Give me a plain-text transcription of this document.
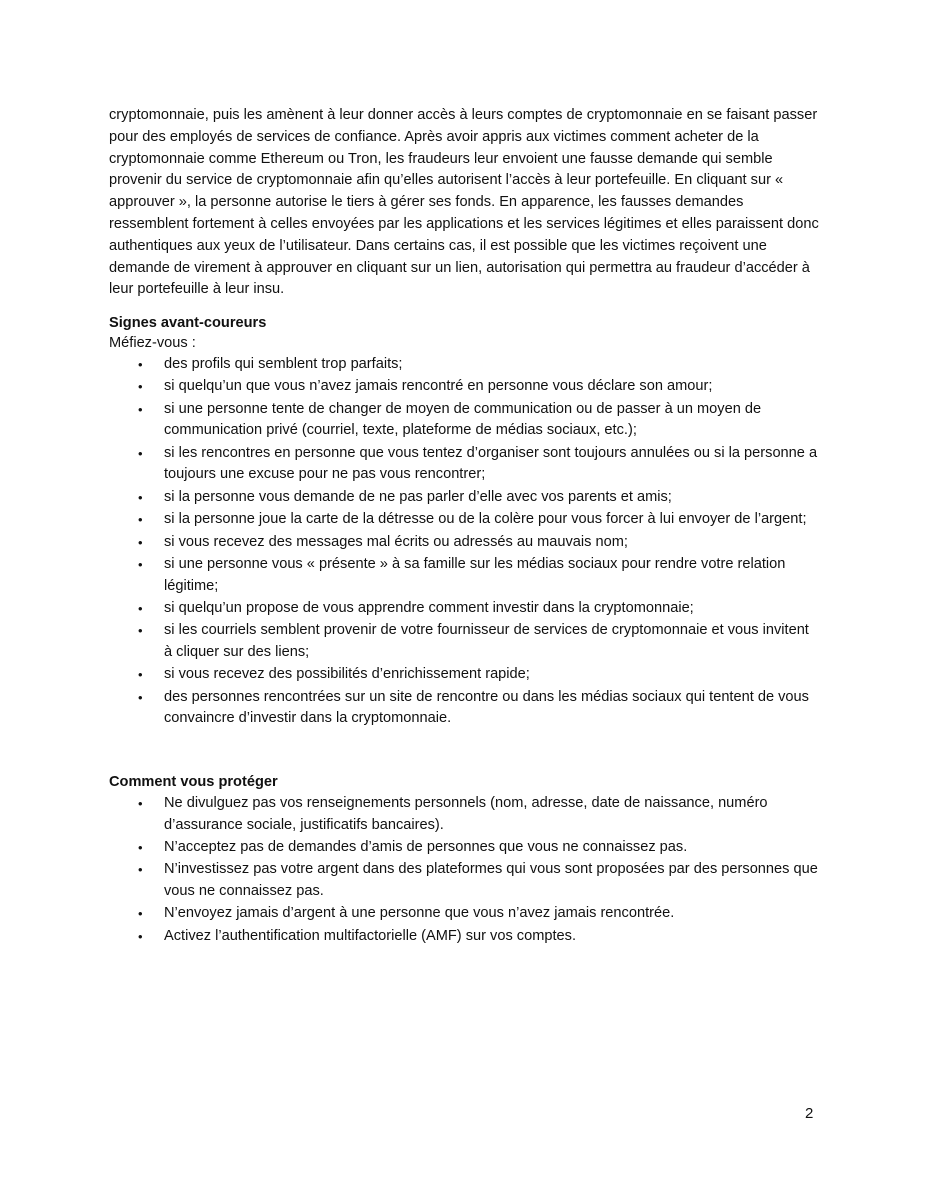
cryptomonnaie, puis les amènent à leur donner accès à leurs comptes de cryptomonnaie en se faisant passer pour des employés de services de confiance. Après avoir appris aux victimes comment acheter de la cryptomonnaie comme Ethereum ou Tron, les fraudeurs leur envoient une fausse demande qui semble provenir du service de cryptomonnaie afin qu’elles autorisent l’accès à leur portefeuille. En cliquant sur « approuver », la personne autorise le tiers à gérer ses fonds. En apparence, les fausses demandes ressemblent fortement à celles envoyées par les applications et les services légitimes et elles paraissent donc authentiques aux yeux de l’utilisateur. Dans certains cas, il est possible que les victimes reçoivent une demande de virement à approuver en cliquant sur un lien, autorisation qui permettra au fraudeur d’accéder à leur portefeuille à leur insu.

Signes avant-coureurs

Méfiez-vous :

• des profils qui semblent trop parfaits;
• si quelqu’un que vous n’avez jamais rencontré en personne vous déclare son amour;
• si une personne tente de changer de moyen de communication ou de passer à un moyen de communication privé (courriel, texte, plateforme de médias sociaux, etc.);
• si les rencontres en personne que vous tentez d’organiser sont toujours annulées ou si la personne a toujours une excuse pour ne pas vous rencontrer;
• si la personne vous demande de ne pas parler d’elle avec vos parents et amis;
• si la personne joue la carte de la détresse ou de la colère pour vous forcer à lui envoyer de l’argent;
• si vous recevez des messages mal écrits ou adressés au mauvais nom;
• si une personne vous « présente » à sa famille sur les médias sociaux pour rendre votre relation légitime;
• si quelqu’un propose de vous apprendre comment investir dans la cryptomonnaie;
• si les courriels semblent provenir de votre fournisseur de services de cryptomonnaie et vous invitent à cliquer sur des liens;
• si vous recevez des possibilités d’enrichissement rapide;
• des personnes rencontrées sur un site de rencontre ou dans les médias sociaux qui tentent de vous convaincre d’investir dans la cryptomonnaie.
Comment vous protéger
• Ne divulguez pas vos renseignements personnels (nom, adresse, date de naissance, numéro d’assurance sociale, justificatifs bancaires).
• N’acceptez pas de demandes d’amis de personnes que vous ne connaissez pas.
• N’investissez pas votre argent dans des plateformes qui vous sont proposées par des personnes que vous ne connaissez pas.
• N’envoyez jamais d’argent à une personne que vous n’avez jamais rencontrée.
• Activez l’authentification multifactorielle (AMF) sur vos comptes.
2
